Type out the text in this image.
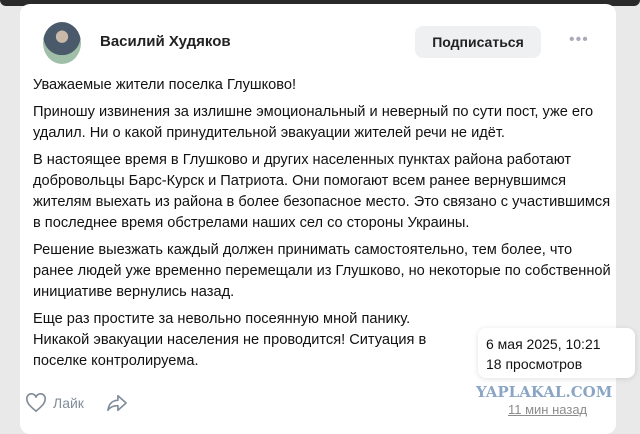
Василий Худяков	Подписаться	•••

Уважаемые жители поселка Глушково!

Приношу извинения за излишне эмоциональный и неверный по сути пост, уже его удалил. Ни о какой принудительной эвакуации жителей речи не идёт.

В настоящее время в Глушково и других населенных пунктах района работают добровольцы Барс-Курск и Патриота. Они помогают всем ранее вернувшимся жителям выехать из района в более безопасное место. Это связано с участившимся в последнее время обстрелами наших сел со стороны Украины.

Решение выезжать каждый должен принимать самостоятельно, тем более, что ранее людей уже временно перемещали из Глушково, но некоторые по собственной инициативе вернулись назад.

Еще раз простите за невольно посеянную мной панику. Никакой эвакуации населения не проводится! Ситуация в поселке контролируема.

Лайк
6 мая 2025, 10:21
18 просмотров
YAPLAKAL.COM
11 мин назад
